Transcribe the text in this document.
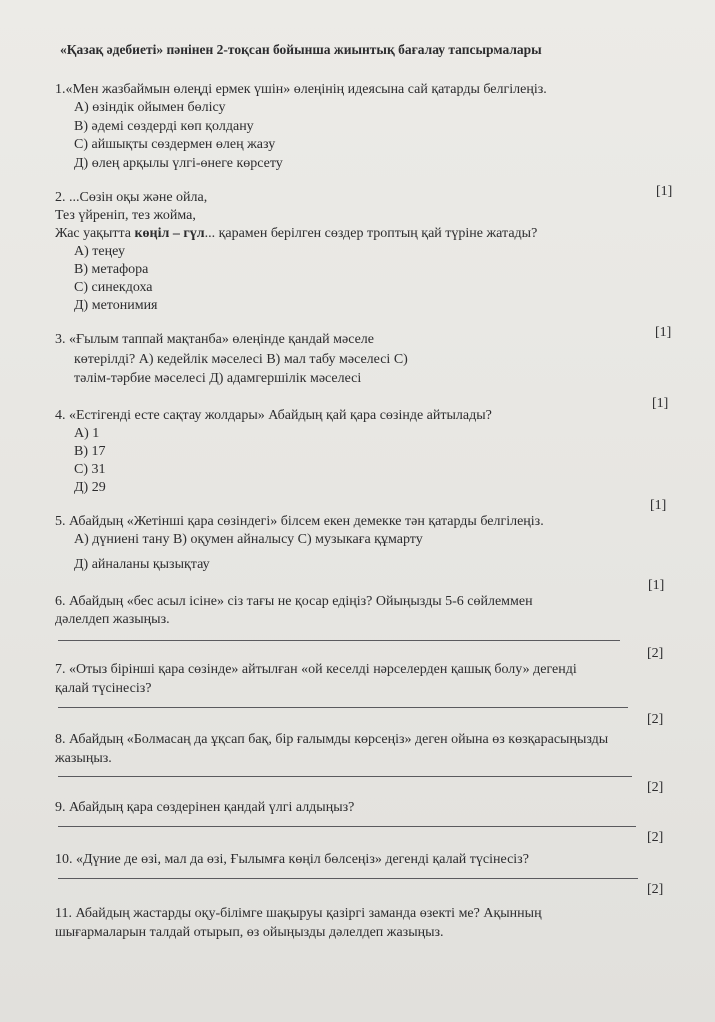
«Қазақ әдебиеті» пәнінен 2-тоқсан бойынша жиынтық бағалау тапсырмалары
1.«Мен жазбаймын өлеңді ермек үшін» өлеңінің идеясына сай қатарды белгілеңіз.
А) өзіндік ойымен бөлісу
В) әдемі сөздерді көп қолдану
С) айшықты сөздермен өлең жазу
Д) өлең арқылы үлгі-өнеге көрсету
[1]
2. ...Сөзін оқы және ойла,
Тез үйреніп, тез жойма,
Жас уақытта көңіл – гүл... қарамен берілген сөздер троптың қай түріне жатады?
А) теңеу
В) метафора
С) синекдоха
Д) метонимия
[1]
3. «Ғылым таппай мақтанба» өлеңінде қандай мәселе
көтерілді? А) кедейлік мәселесі В) мал табу мәселесі С)
тәлім-тәрбие мәселесі Д) адамгершілік мәселесі
[1]
4. «Естігенді есте сақтау жолдары» Абайдың қай қара сөзінде айтылады?
А) 1
В) 17
С) 31
Д) 29
[1]
5. Абайдың «Жетінші қара сөзіндегі» білсем екен демекке тән қатарды белгілеңіз.
А) дүниені тану В) оқумен айналысу С) музыкаға құмарту
Д) айналаны қызықтау
[1]
6. Абайдың «бес асыл ісіне» сіз тағы не қосар едіңіз? Ойыңызды 5-6 сөйлеммен
дәлелдеп жазыңыз.
[2]
7. «Отыз бірінші қара сөзінде» айтылған «ой кеселді нәрселерден қашық болу» дегенді
қалай түсінесіз?
[2]
8. Абайдың «Болмасаң да ұқсап бақ, бір ғалымды көрсеңіз» деген ойына өз көзқарасыңызды
жазыңыз.
[2]
9. Абайдың қара сөздерінен қандай үлгі алдыңыз?
[2]
10. «Дүние де өзі, мал да өзі, Ғылымға көңіл бөлсеңіз» дегенді қалай түсінесіз?
[2]
11. Абайдың жастарды оқу-білімге шақыруы қазіргі заманда өзекті ме? Ақынның
шығармаларын талдай отырып, өз ойыңызды дәлелдеп жазыңыз.
